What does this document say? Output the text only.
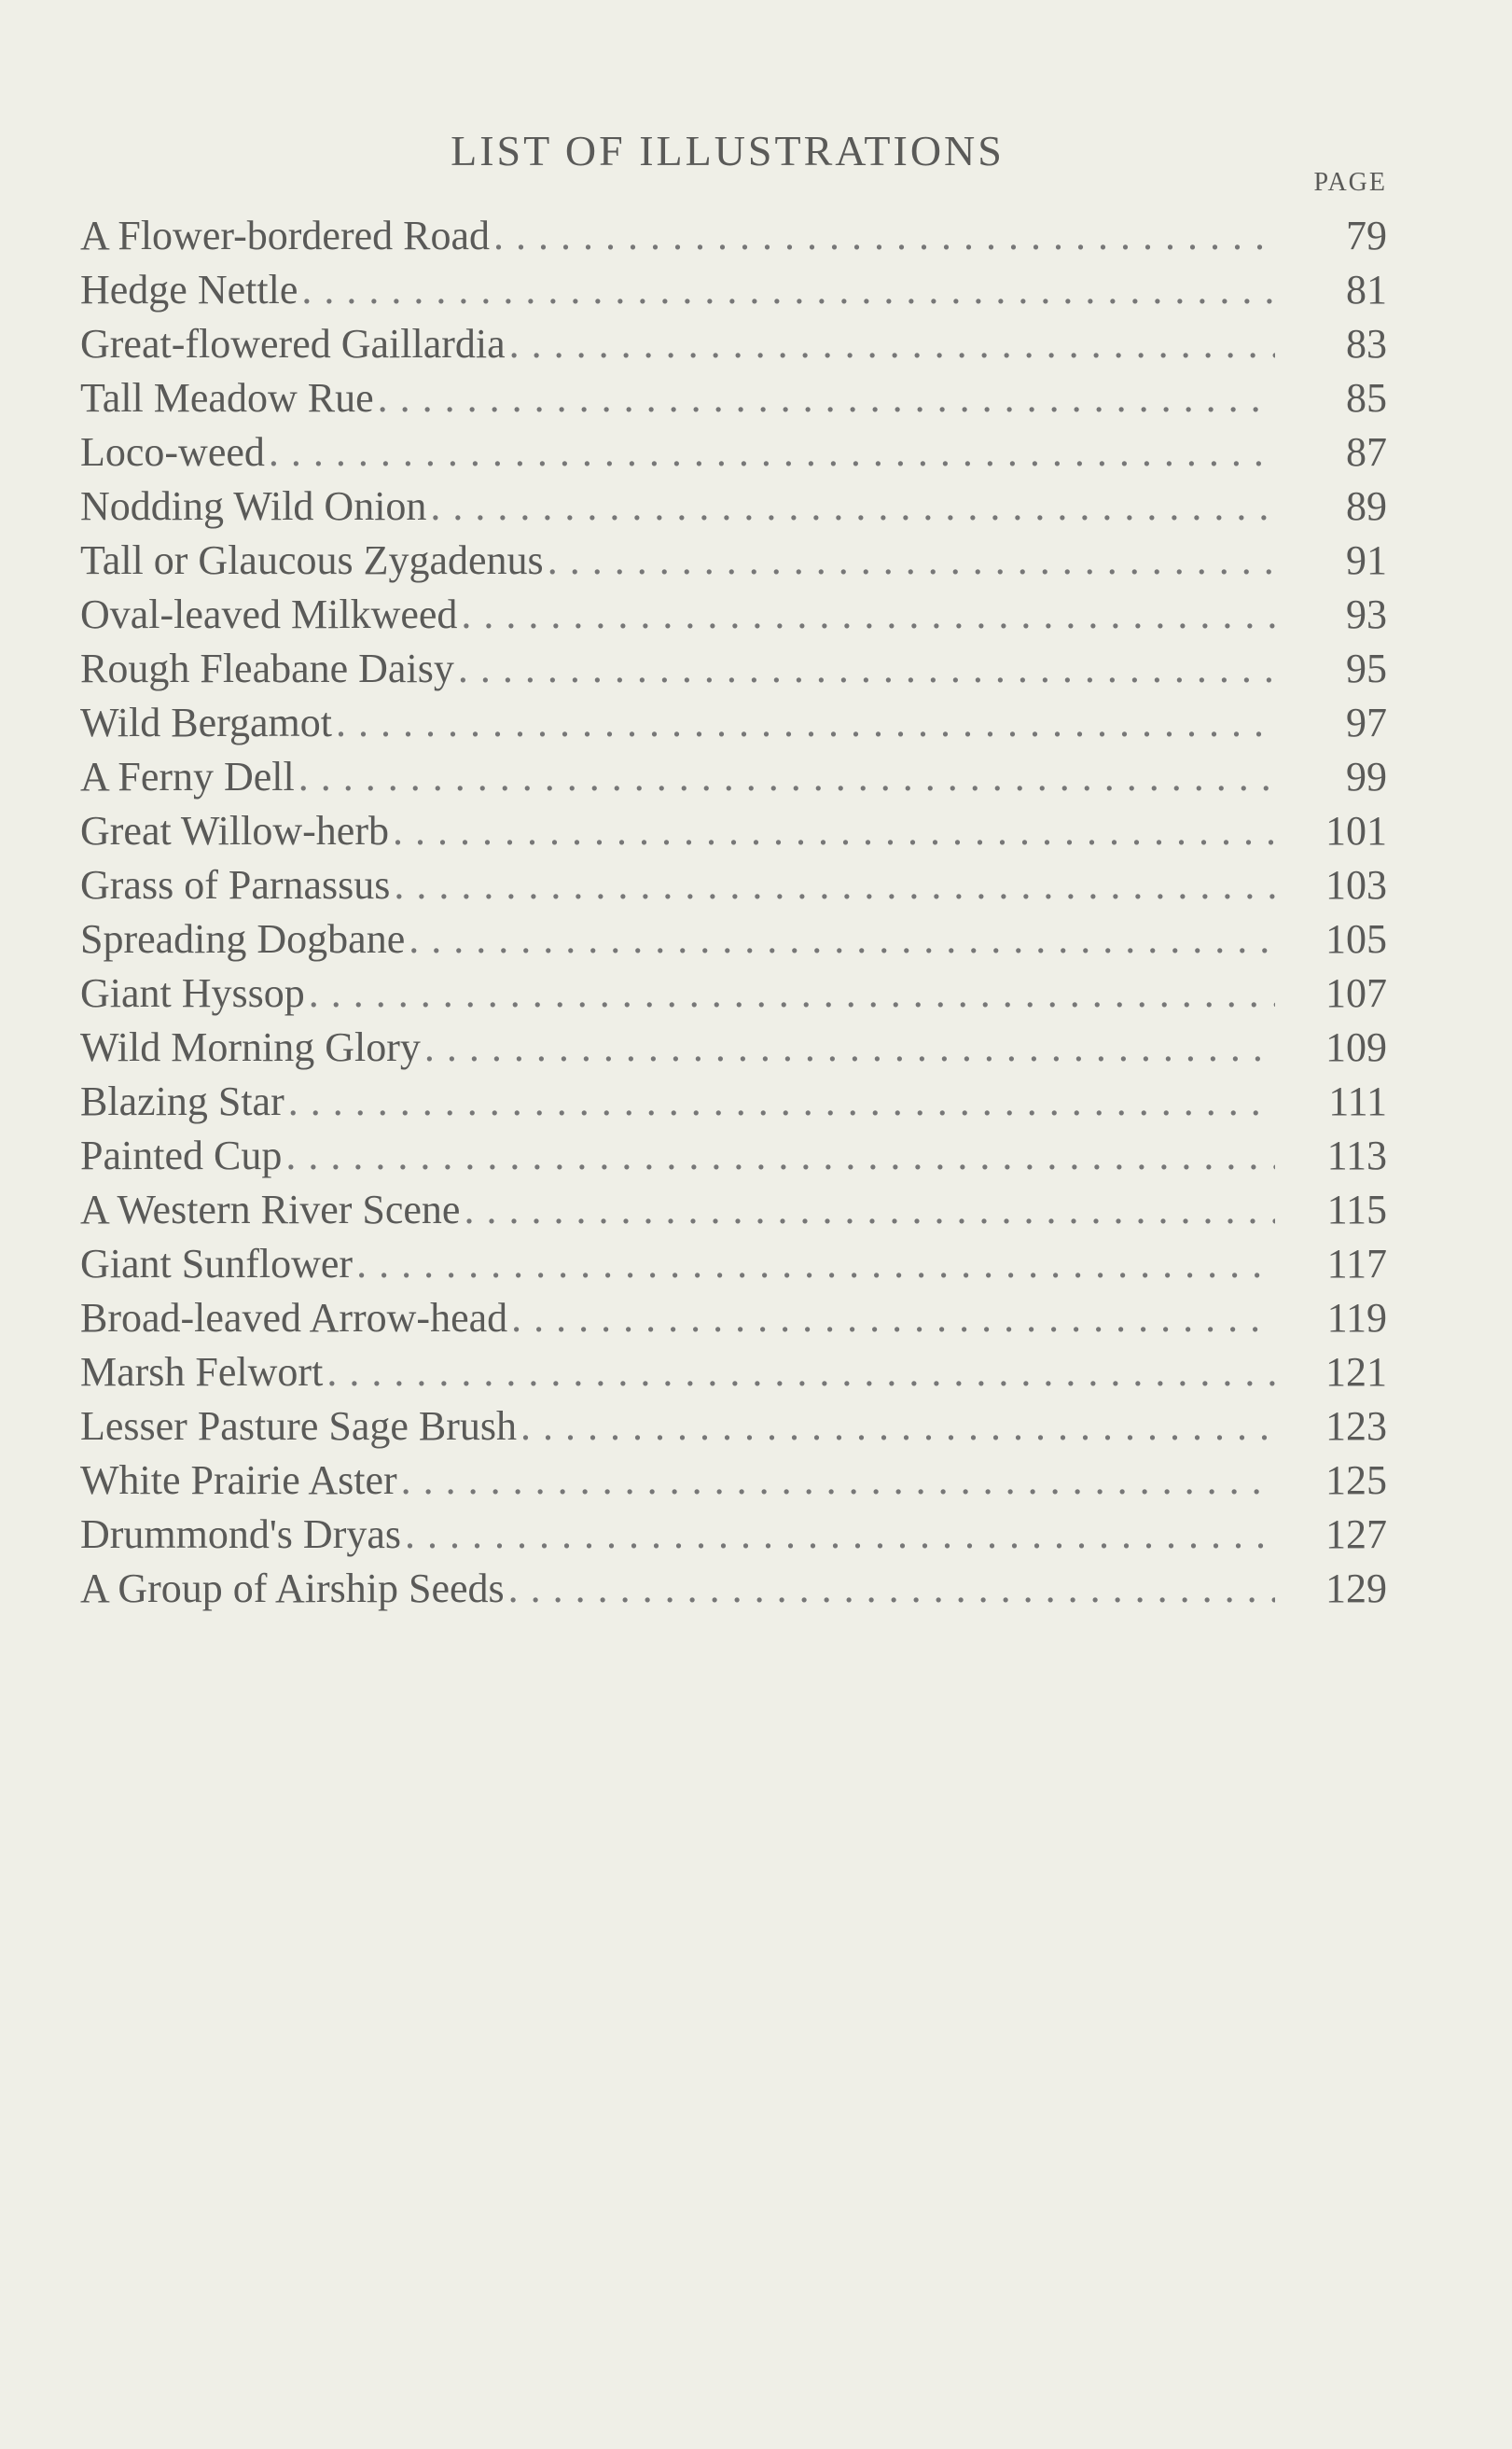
LIST OF ILLUSTRATIONS
PAGE
A Flower-bordered Road . . .	79
Hedge Nettle . . .	81
Great-flowered Gaillardia . . .	83
Tall Meadow Rue . . .	85
Loco-weed . . .	87
Nodding Wild Onion . . .	89
Tall or Glaucous Zygadenus . . .	91
Oval-leaved Milkweed . . .	93
Rough Fleabane Daisy . . .	95
Wild Bergamot . . .	97
A Ferny Dell . . .	99
Great Willow-herb . . .	101
Grass of Parnassus . . .	103
Spreading Dogbane . . .	105
Giant Hyssop . . .	107
Wild Morning Glory . . .	109
Blazing Star . . .	111
Painted Cup . . .	113
A Western River Scene . . .	115
Giant Sunflower . . .	117
Broad-leaved Arrow-head . . .	119
Marsh Felwort . . .	121
Lesser Pasture Sage Brush . . .	123
White Prairie Aster . . .	125
Drummond's Dryas . . .	127
A Group of Airship Seeds . . .	129
